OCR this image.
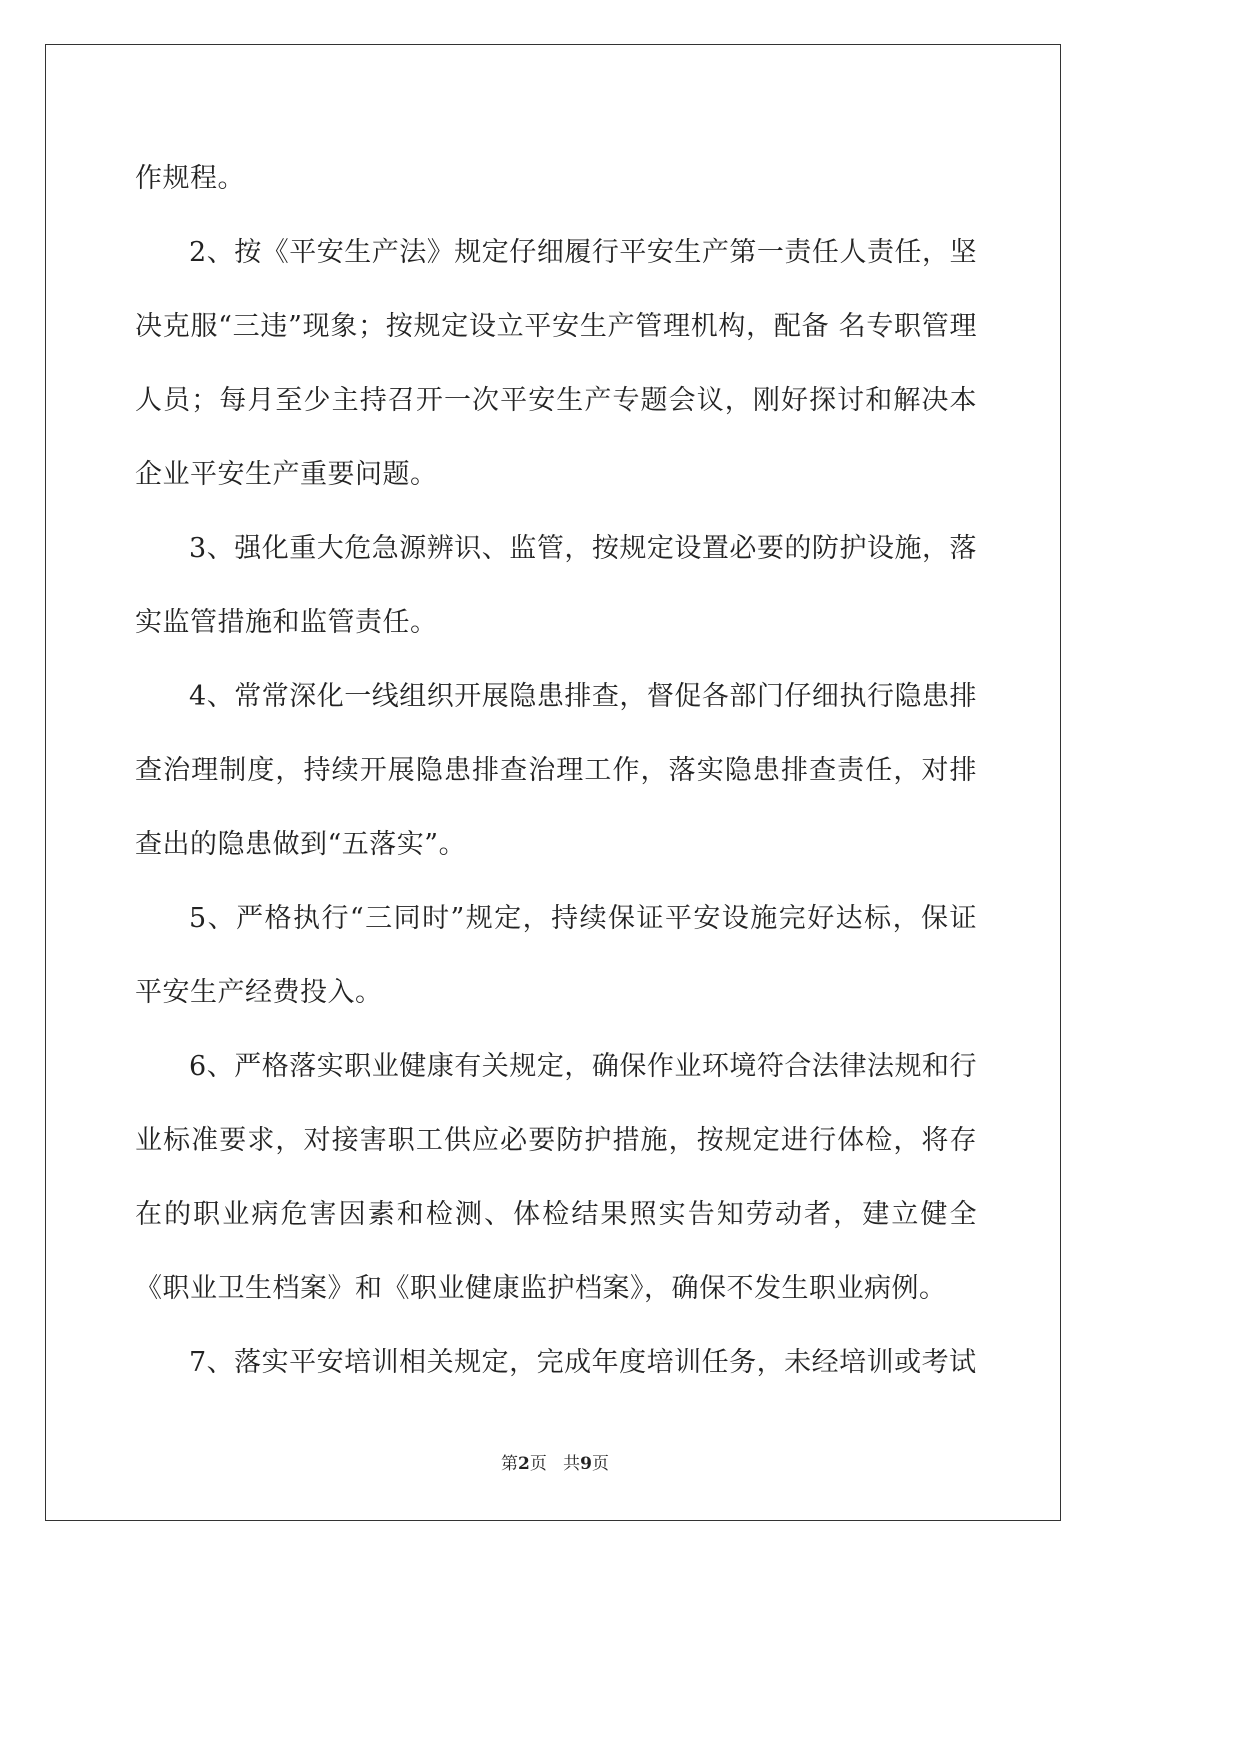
作规程。

2、按《平安生产法》规定仔细履行平安生产第一责任人责任，坚决克服“三违”现象；按规定设立平安生产管理机构，配备 名专职管理人员；每月至少主持召开一次平安生产专题会议，刚好探讨和解决本企业平安生产重要问题。

3、强化重大危急源辨识、监管，按规定设置必要的防护设施，落实监管措施和监管责任。

4、常常深化一线组织开展隐患排查，督促各部门仔细执行隐患排查治理制度，持续开展隐患排查治理工作，落实隐患排查责任，对排查出的隐患做到“五落实”。

5、严格执行“三同时”规定，持续保证平安设施完好达标，保证平安生产经费投入。

6、严格落实职业健康有关规定，确保作业环境符合法律法规和行业标准要求，对接害职工供应必要防护措施，按规定进行体检，将存在的职业病危害因素和检测、体检结果照实告知劳动者，建立健全《职业卫生档案》和《职业健康监护档案》，确保不发生职业病例。

7、落实平安培训相关规定，完成年度培训任务，未经培训或考试

第2页 共9页
